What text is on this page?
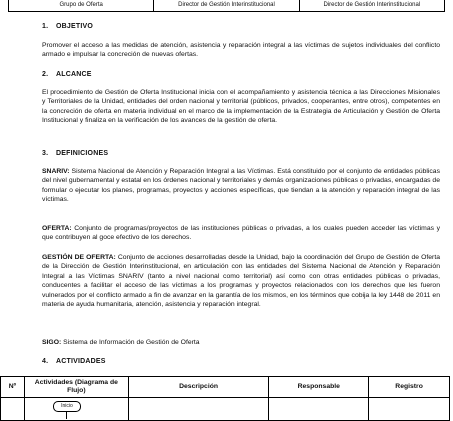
Grupo de Oferta	Director de Gestión Interinstitucional	Director de Gestión Interinstitucional
1. OBJETIVO
Promover el acceso a las medidas de atención, asistencia y reparación integral a las víctimas de sujetos individuales del conflicto armado e impulsar la concreción de nuevas ofertas.
2. ALCANCE
El procedimiento de Gestión de Oferta Institucional inicia con el acompañamiento y asistencia técnica a las Direcciones Misionales y Territoriales de la Unidad, entidades del orden nacional y territorial (públicos, privados, cooperantes, entre otros), competentes en la concreción de oferta en materia individual en el marco de la implementación de la Estrategia de Articulación y Gestión de Oferta Institucional y finaliza en la verificación de los avances de la gestión de oferta.
3. DEFINICIONES
SNARIV: Sistema Nacional de Atención y Reparación Integral a las Víctimas. Está constituido por el conjunto de entidades públicas del nivel gubernamental y estatal en los órdenes nacional y territoriales y demás organizaciones públicas o privadas, encargadas de formular o ejecutar los planes, programas, proyectos y acciones específicas, que tiendan a la atención y reparación integral de las víctimas.
OFERTA: Conjunto de programas/proyectos de las instituciones públicas o privadas, a los cuales pueden acceder las víctimas y que contribuyen al goce efectivo de los derechos.
GESTIÓN DE OFERTA: Conjunto de acciones desarrolladas desde la Unidad, bajo la coordinación del Grupo de Gestión de Oferta de la Dirección de Gestión Interinstitucional, en articulación con las entidades del Sistema Nacional de Atención y Reparación Integral a las Víctimas SNARIV (tanto a nivel nacional como territorial) así como con otras entidades públicas o privadas, conducentes a facilitar el acceso de las víctimas a los programas y proyectos relacionados con los derechos que les fueron vulnerados por el conflicto armado a fin de avanzar en la garantía de los mismos, en los términos que cobija la ley 1448 de 2011 en materia de ayuda humanitaria, atención, asistencia y reparación integral.
SIGO: Sistema de Información de Gestión de Oferta
4. ACTIVIDADES
Nº	Actividades (Diagrama de Flujo)	Descripción	Responsable	Registro
	Inicio			
